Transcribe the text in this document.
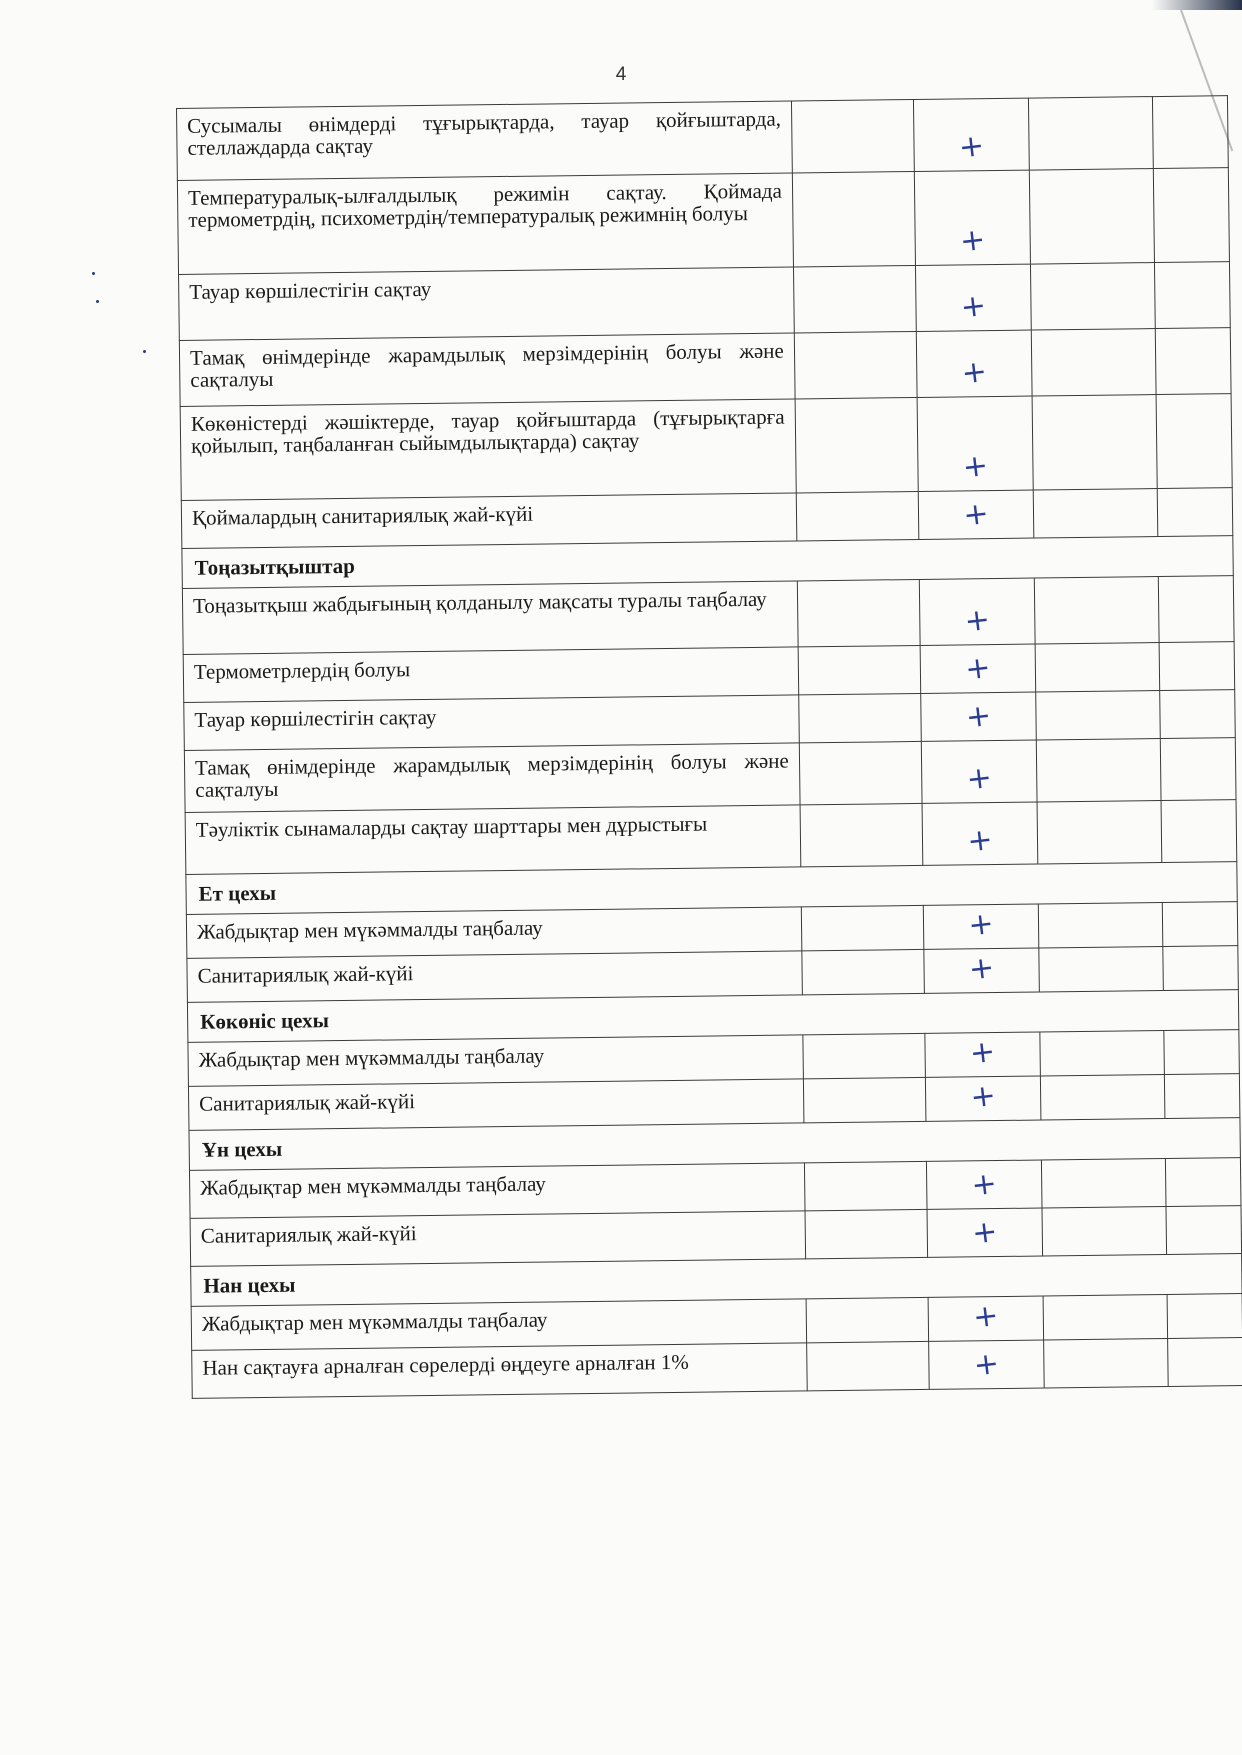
4
Сусымалы өнімдерді тұғырықтарда, тауар қойғыштарда, стеллаждарда сақтау		+		

Температуралық-ылғалдылық режимін сақтау. Қоймада термометрдің, психометрдің/температуралық режимнің болуы		+		

Тауар көршілестігін сақтау		+		

Тамақ өнімдерінде жарамдылық мерзімдерінің болуы және сақталуы		+		

Көкөністерді жәшіктерде, тауар қойғыштарда (тұғырықтарға қойылып, таңбаланған сыйымдылықтарда) сақтау		+		

Қоймалардың санитариялық жай-күйі		+		

Тоңазытқыштар				
Тоңазытқыш жабдығының қолданылу мақсаты туралы таңбалау		+		

Термометрлердің болуы		+		

Тауар көршілестігін сақтау		+		

Тамақ өнімдерінде жарамдылық мерзімдерінің болуы және сақталуы		+		

Тәуліктік сынамаларды сақтау шарттары мен дұрыстығы		+		

Ет цехы				
Жабдықтар мен мүкәммалды таңбалау		+		

Санитариялық жай-күйі		+		

Көкөніс цехы				
Жабдықтар мен мүкәммалды таңбалау		+		

Санитариялық жай-күйі		+		

Ұн цехы				
Жабдықтар мен мүкәммалды таңбалау		+		

Санитариялық жай-күйі		+		

Нан цехы				
Жабдықтар мен мүкәммалды таңбалау		+		

Нан сақтауға арналған сөрелерді өңдеуге арналған 1%		+		
